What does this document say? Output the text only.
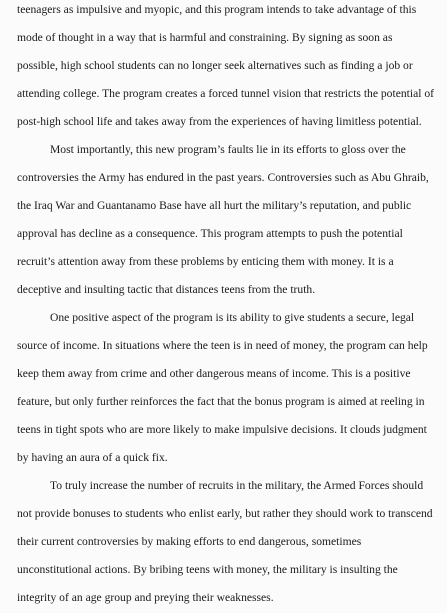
teenagers as impulsive and myopic, and this program intends to take advantage of this
mode of thought in a way that is harmful and constraining. By signing as soon as
possible, high school students can no longer seek alternatives such as finding a job or
attending college. The program creates a forced tunnel vision that restricts the potential of
post-high school life and takes away from the experiences of having limitless potential.
Most importantly, this new program’s faults lie in its efforts to gloss over the
controversies the Army has endured in the past years. Controversies such as Abu Ghraib,
the Iraq War and Guantanamo Base have all hurt the military’s reputation, and public
approval has decline as a consequence. This program attempts to push the potential
recruit’s attention away from these problems by enticing them with money. It is a
deceptive and insulting tactic that distances teens from the truth.
One positive aspect of the program is its ability to give students a secure, legal
source of income. In situations where the teen is in need of money, the program can help
keep them away from crime and other dangerous means of income. This is a positive
feature, but only further reinforces the fact that the bonus program is aimed at reeling in
teens in tight spots who are more likely to make impulsive decisions. It clouds judgment
by having an aura of a quick fix.
To truly increase the number of recruits in the military, the Armed Forces should
not provide bonuses to students who enlist early, but rather they should work to transcend
their current controversies by making efforts to end dangerous, sometimes
unconstitutional actions. By bribing teens with money, the military is insulting the
integrity of an age group and preying their weaknesses.
